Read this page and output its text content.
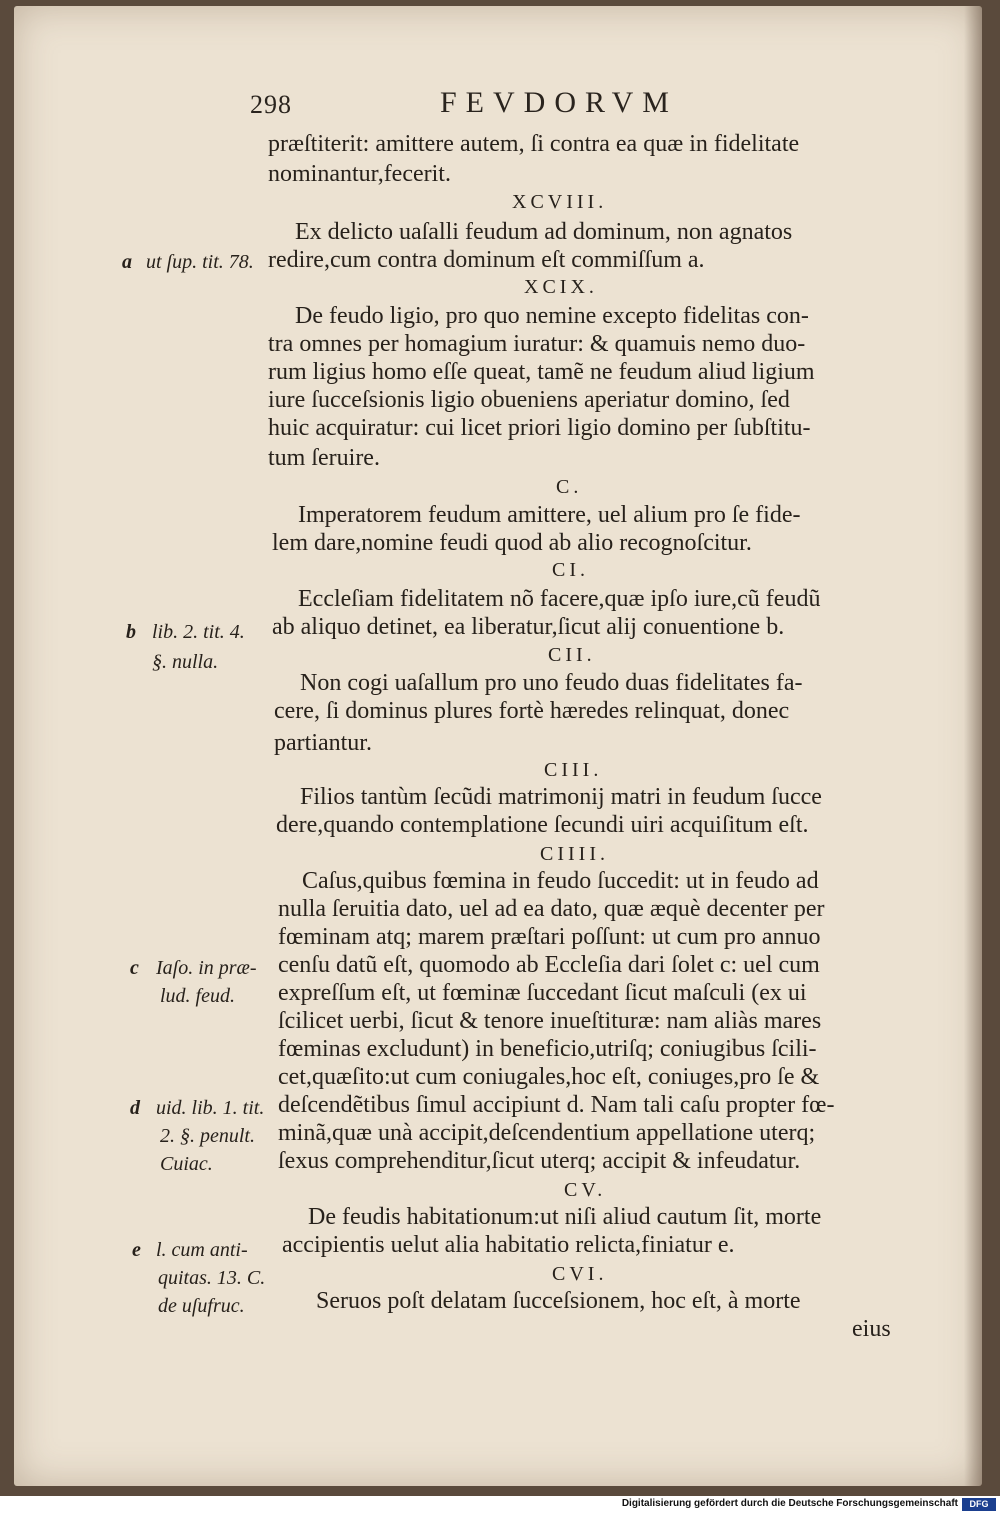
298	FEVDORVM
præſtiterit: amittere autem, ſi contra ea quæ in fidelitate
nominantur,fecerit.
XCVIII.
Ex delicto uaſalli feudum ad dominum, non agnatos
redire,cum contra dominum eſt commiſſum a.
XCIX.
De feudo ligio, pro quo nemine excepto fidelitas con-
tra omnes per homagium iuratur: & quamuis nemo duo-
rum ligius homo eſſe queat, tamẽ ne feudum aliud ligium
iure ſucceſsionis ligio obueniens aperiatur domino, ſed
huic acquiratur: cui licet priori ligio domino per ſubſtitu-
tum ſeruire.
C.
Imperatorem feudum amittere, uel alium pro ſe fide-
lem dare,nomine feudi quod ab alio recognoſcitur.
CI.
Eccleſiam fidelitatem nõ facere,quæ ipſo iure,cũ feudũ
ab aliquo detinet, ea liberatur,ſicut alij conuentione b.
CII.
Non cogi uaſallum pro uno feudo duas fidelitates fa-
cere, ſi dominus plures fortè hæredes relinquat, donec
partiantur.
CIII.
Filios tantùm ſecũdi matrimonij matri in feudum ſucce
dere,quando contemplatione ſecundi uiri acquiſitum eſt.
CIIII.
Caſus,quibus fœmina in feudo ſuccedit: ut in feudo ad
nulla ſeruitia dato, uel ad ea dato, quæ æquè decenter per
fœminam atq; marem præſtari poſſunt: ut cum pro annuo
cenſu datũ eſt, quomodo ab Eccleſia dari ſolet c: uel cum
expreſſum eſt, ut fœminæ ſuccedant ſicut maſculi (ex ui
ſcilicet uerbi, ſicut & tenore inueſtituræ: nam aliàs mares
fœminas excludunt) in beneficio,utriſq; coniugibus ſcili-
cet,quæſito:ut cum coniugales,hoc eſt, coniuges,pro ſe &
deſcendẽtibus ſimul accipiunt d. Nam tali caſu propter fœ-
minã,quæ unà accipit,deſcendentium appellatione uterq;
ſexus comprehenditur,ſicut uterq; accipit & infeudatur.
CV.
De feudis habitationum:ut niſi aliud cautum ſit, morte
accipientis uelut alia habitatio relicta,finiatur e.
CVI.
Seruos poſt delatam ſucceſsionem, hoc eſt, à morte
eius
a
b
c
d
e
ut ſup. tit. 78.
lib. 2. tit. 4.
§. nulla.
Iaſo. in præ-
lud. feud.
uid. lib. 1. tit.
2. §. penult.
Cuiac.
l. cum anti-
quitas. 13. C.
de uſufruc.
Digitalisierung gefördert durch die Deutsche Forschungsgemeinschaft	DFG
